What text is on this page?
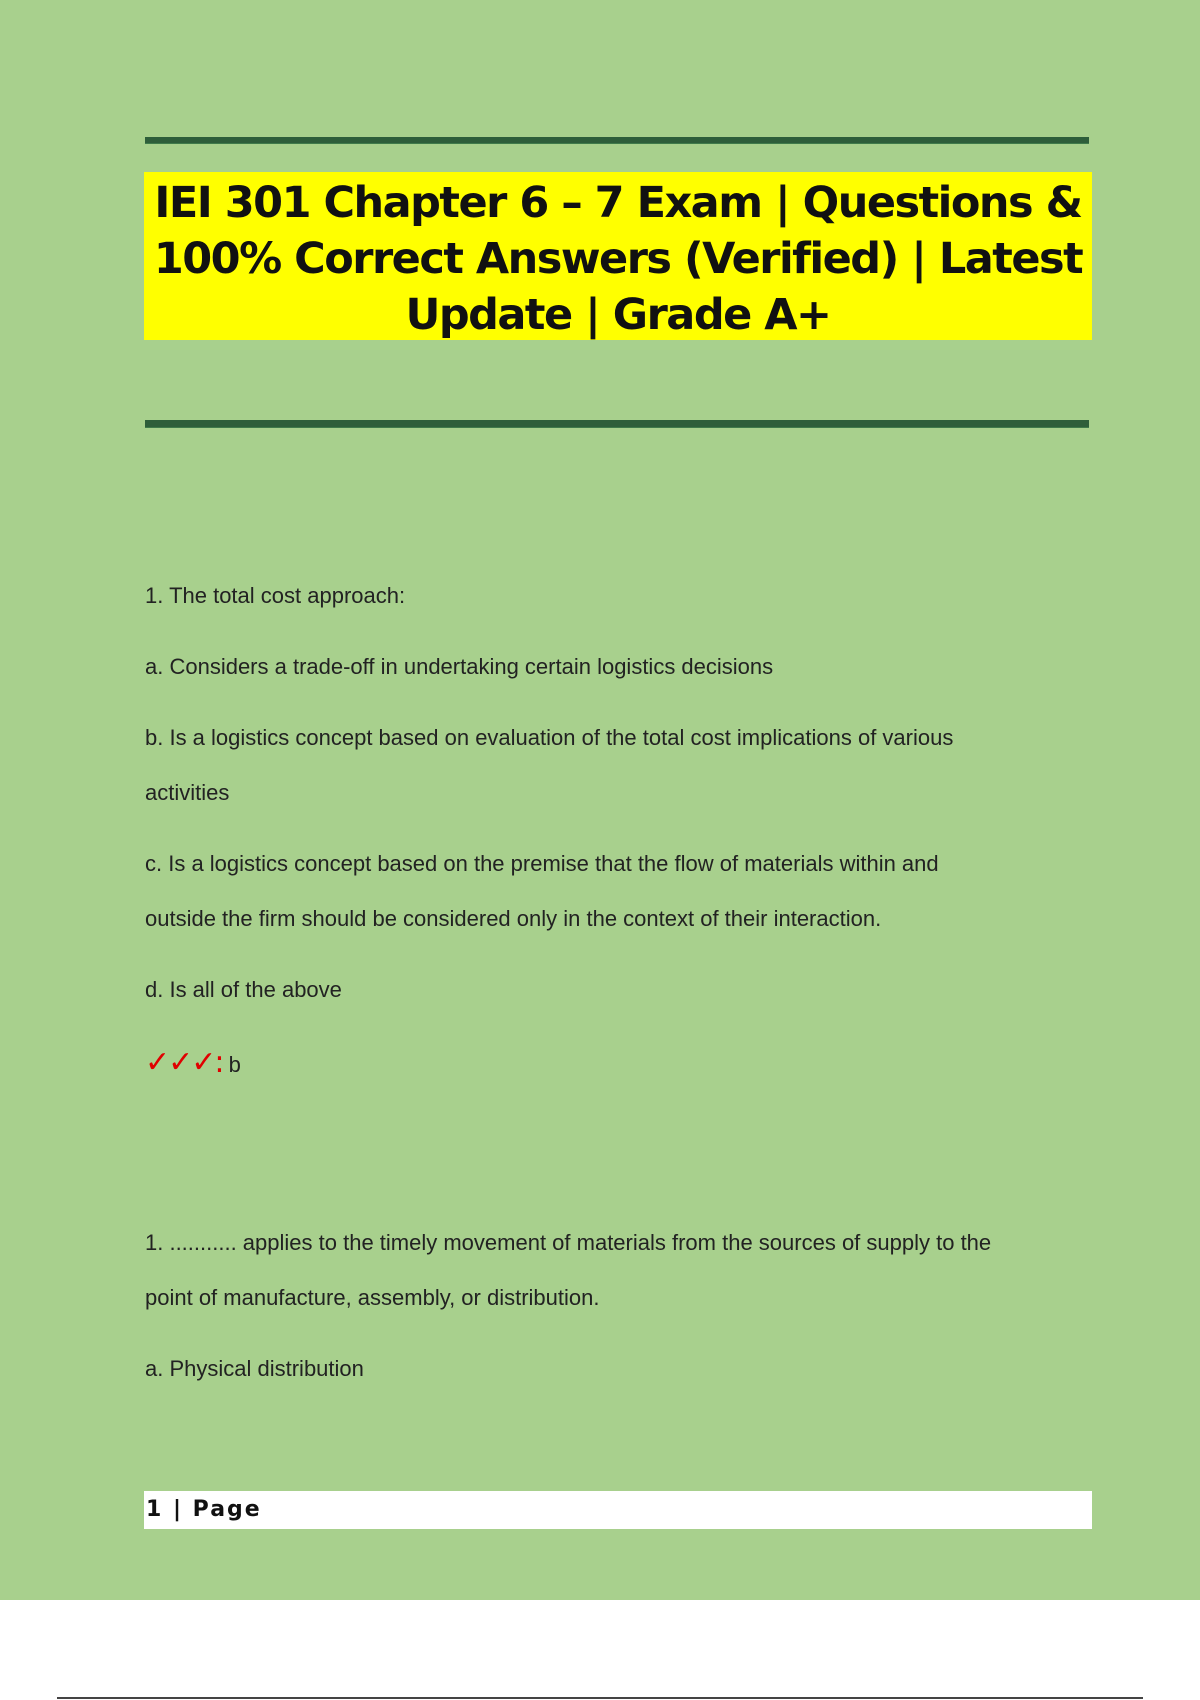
IEI 301 Chapter 6 – 7 Exam | Questions &
100% Correct Answers (Verified) | Latest
Update | Grade A+

1. The total cost approach:

a. Considers a trade-off in undertaking certain logistics decisions

b. Is a logistics concept based on evaluation of the total cost implications of various

activities

c. Is a logistics concept based on the premise that the flow of materials within and

outside the firm should be considered only in the context of their interaction.

d. Is all of the above

✓✓✓: b

1. ........... applies to the timely movement of materials from the sources of supply to the

point of manufacture, assembly, or distribution.

a. Physical distribution

1 | Page
